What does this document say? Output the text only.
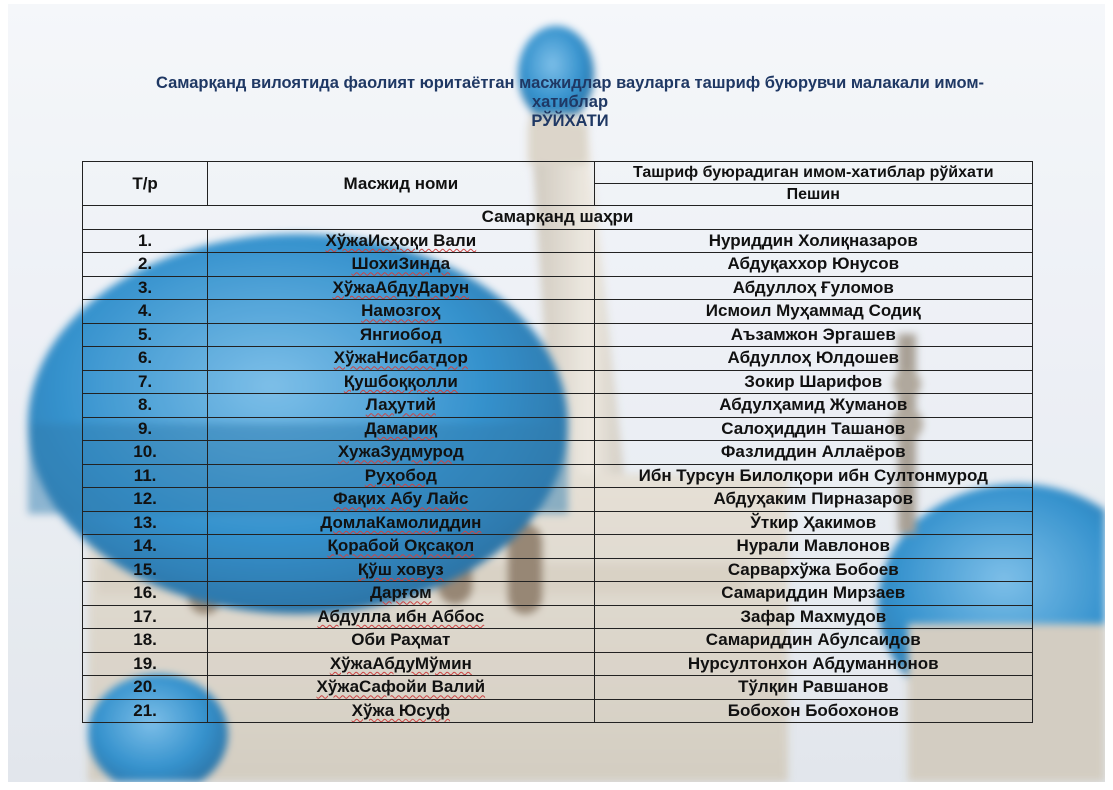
Самарқанд вилоятида фаолият юритаётган масжидлар вауларга ташриф буюрувчи малакали имом-
хатиблар
РЎЙХАТИ
Т/р	Масжид номи	Ташриф буюрадиган имом-хатиблар рўйхати
		Пешин
Самарқанд шаҳри		
1.	ХўжаИсҳоқи Вали	Нуриддин Холиқназаров
2.	ШохиЗинда	Абдуқаххор Юнусов
3.	ХўжаАбдуДарун	Абдуллоҳ Ғуломов
4.	Намозгоҳ	Исмоил Муҳаммад Содиқ
5.	Янгиобод	Аъзамжон Эргашев
6.	ХўжаНисбатдор	Абдуллоҳ Юлдошев
7.	Қушбоққолли	Зокир Шарифов
8.	Лаҳутий	Абдулҳамид Жуманов
9.	Дамариқ	Салоҳиддин Ташанов
10.	ХужаЗудмурод	Фазлиддин Аллаёров
11.	Руҳобод	Ибн Турсун Билолқори ибн Султонмурод
12.	Фақих Абу Лайс	Абдуҳаким Пирназаров
13.	ДомлаКамолиддин	Ўткир Ҳакимов
14.	Қорабой Оқсақол	Нурали Мавлонов
15.	Қўш ховуз	Сарвархўжа Бобоев
16.	Дарғом	Самариддин Мирзаев
17.	Абдулла ибн Аббос	Зафар Махмудов
18.	Оби Раҳмат	Самариддин Абулсаидов
19.	ХўжаАбдуМўмин	Нурсултонхон Абдуманнонов
20.	ХўжаСафойи Валий	Тўлқин Равшанов
21.	Хўжа Юсуф	Бобохон Бобохонов
